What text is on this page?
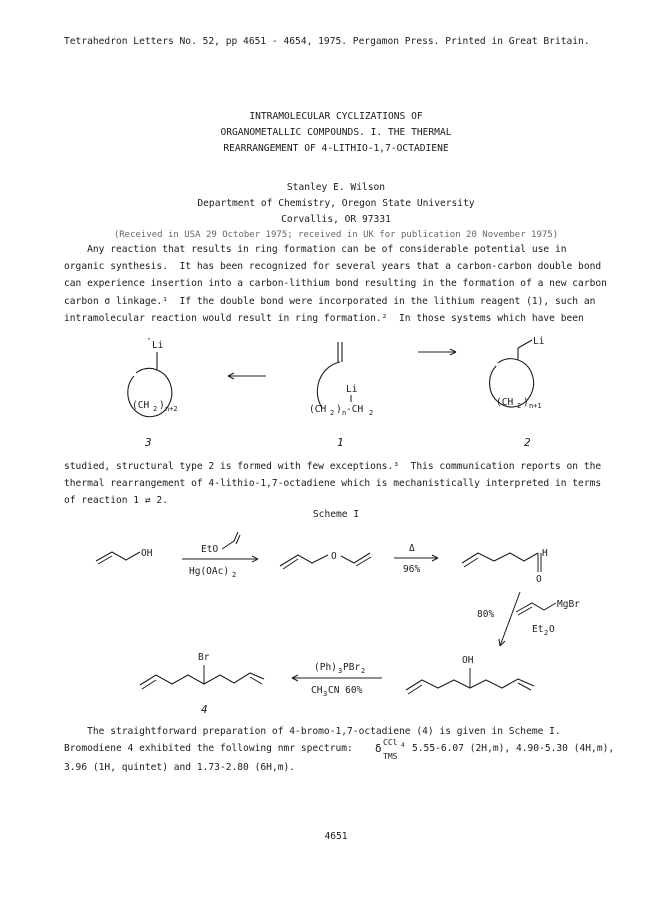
Tetrahedron Letters No. 52, pp 4651 - 4654, 1975. Pergamon Press. Printed in Great Britain.
INTRAMOLECULAR CYCLIZATIONS OF
ORGANOMETALLIC COMPOUNDS. I. THE THERMAL
REARRANGEMENT OF 4-LITHIO-1,7-OCTADIENE
Stanley E. Wilson
Department of Chemistry, Oregon State University
Corvallis, OR 97331
(Received in USA 29 October 1975; received in UK for publication 20 November 1975)
Any reaction that results in ring formation can be of considerable potential use in
organic synthesis.  It has been recognized for several years that a carbon-carbon double bond
can experience insertion into a carbon-lithium bond resulting in the formation of a new carbon
carbon σ linkage.¹  If the double bond were incorporated in the lithium reagent (1), such an
intramolecular reaction would result in ring formation.²  In those systems which have been
·
Li
(CH 2 ) n+2
3
Li
(CH 2 ) n -CH 2
1
Li
(CH 2 ) n+1
2
OH	EtO
Hg(OAc) 2
O
Δ
96%
H
O
80%
MgBr
Et 2 O
Br
4
(Ph) 3 PBr 2
CH 3 CN 60%
OH
studied, structural type 2 is formed with few exceptions.³  This communication reports on the
thermal rearrangement of 4-lithio-1,7-octadiene which is mechanistically interpreted in terms
of reaction 1 ⇄ 2.
Scheme I
The straightforward preparation of 4-bromo-1,7-octadiene (4) is given in Scheme I.
Bromodiene 4 exhibited the following nmr spectrum: δ CCl 4
TMS
5.55-6.07 (2H,m), 4.90-5.30 (4H,m),
3.96 (1H, quintet) and 1.73-2.80 (6H,m).
4651
